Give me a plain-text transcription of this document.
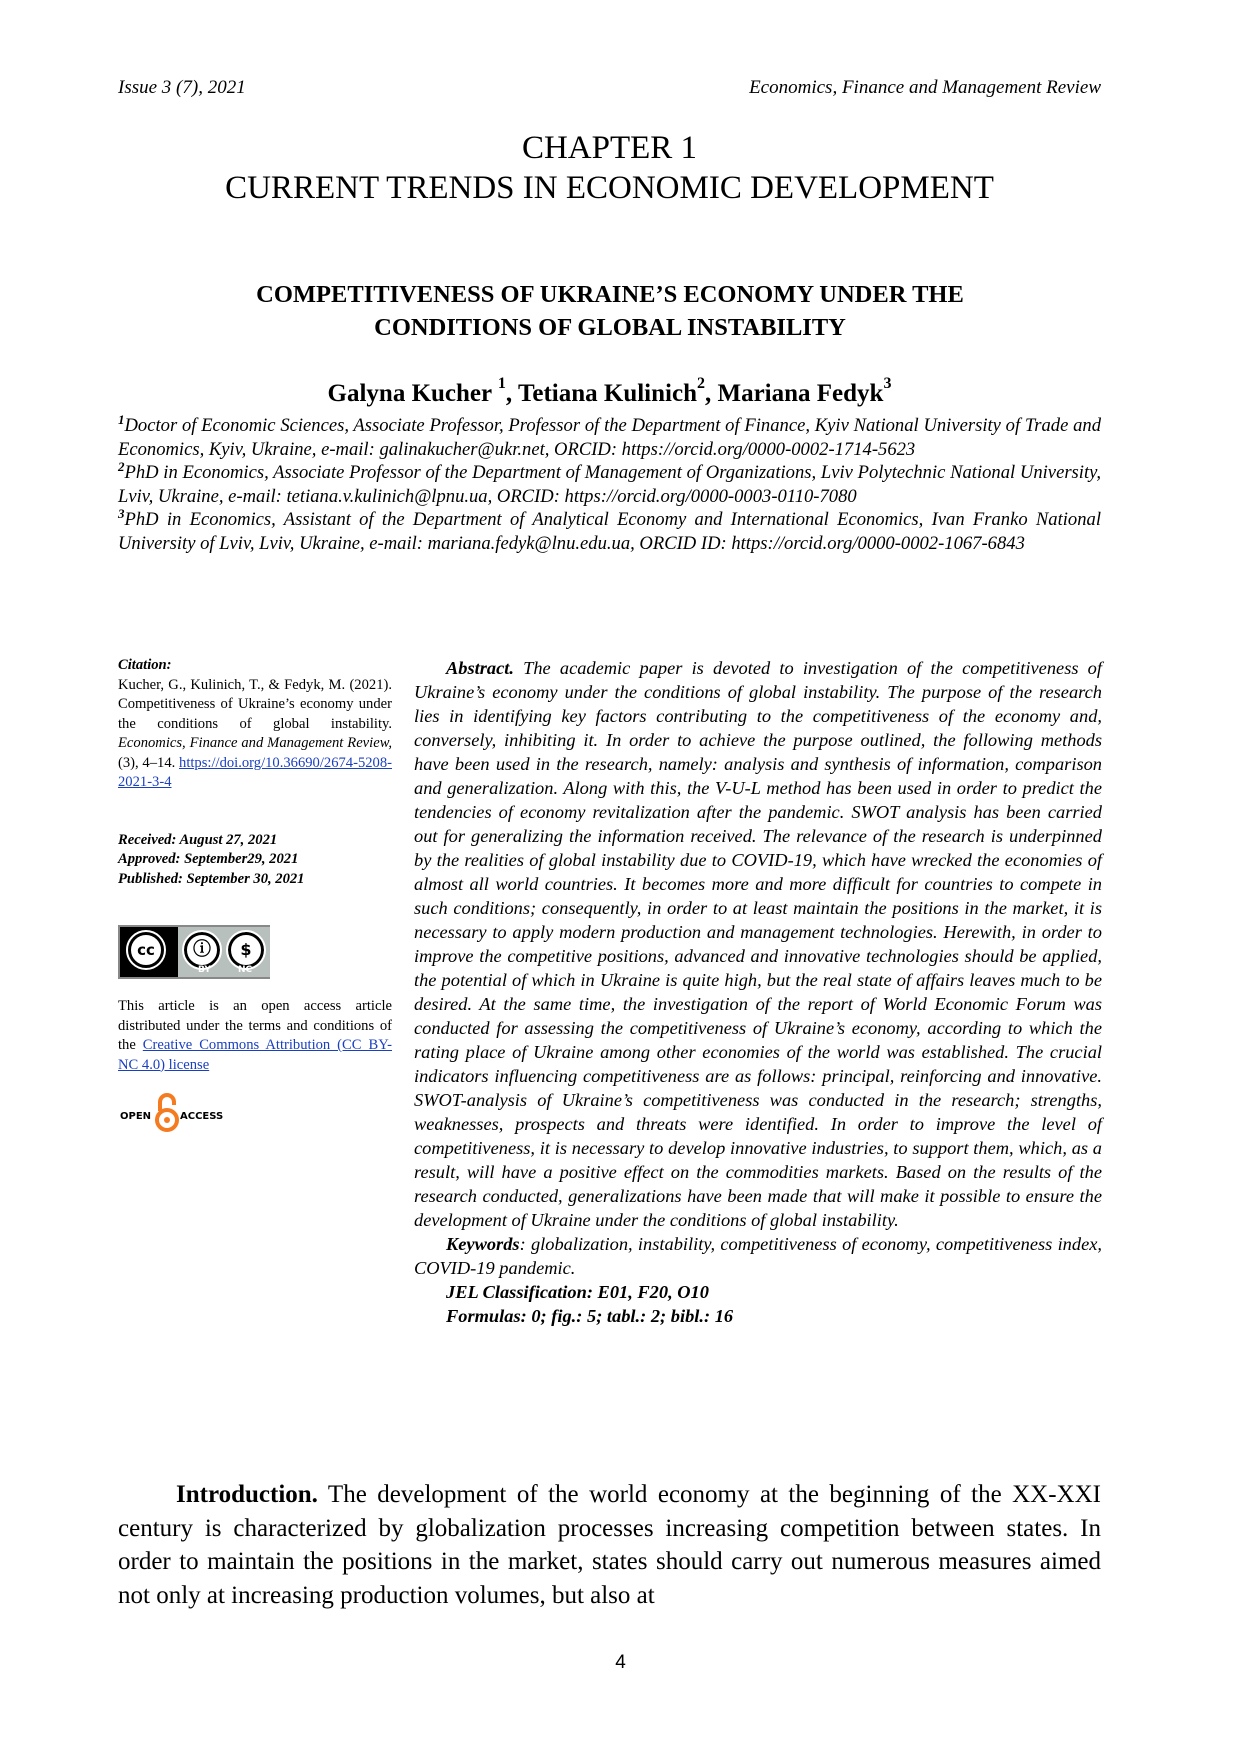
Issue 3 (7), 2021	Economics, Finance and Management Review
CHAPTER 1
CURRENT TRENDS IN ECONOMIC DEVELOPMENT
COMPETITIVENESS OF UKRAINE’S ECONOMY UNDER THE
CONDITIONS OF GLOBAL INSTABILITY
Galyna Kucher $^1$, Tetiana Kulinich$^2$, Mariana Fedyk$^3$

$^1$Doctor of Economic Sciences, Associate Professor, Professor of the Department of Finance, Kyiv National University of Trade and Economics, Kyiv, Ukraine, e-mail: galinakucher@ukr.net, ORCID: https://orcid.org/0000-0002-1714-5623

$^2$PhD in Economics, Associate Professor of the Department of Management of Organizations, Lviv Polytechnic National University, Lviv, Ukraine, e-mail: tetiana.v.kulinich@lpnu.ua, ORCID: https://orcid.org/0000-0003-0110-7080

$^3$PhD in Economics, Assistant of the Department of Analytical Economy and International Economics, Ivan Franko National University of Lviv, Lviv, Ukraine, e-mail: mariana.fedyk@lnu.edu.ua, ORCID ID: https://orcid.org/0000-0002-1067-6843

Citation:
Kucher, G., Kulinich, T., & Fedyk, M. (2021). Competitiveness of Ukraine’s economy under the conditions of global instability. Economics, Finance and Management Review, (3), 4–14. https://doi.org/10.36690/2674-5208-2021-3-4
Received: August 27, 2021
Approved: September29, 2021
Published: September 30, 2021
cc	ⓘ	$
BY	NC
This article is an open access article distributed under the terms and conditions of the Creative Commons Attribution (CC BY-NC 4.0) license
OPEN	ACCESS

Abstract. The academic paper is devoted to investigation of the competitiveness of Ukraine’s economy under the conditions of global instability. The purpose of the research lies in identifying key factors contributing to the competitiveness of the economy and, conversely, inhibiting it. In order to achieve the purpose outlined, the following methods have been used in the research, namely: analysis and synthesis of information, comparison and generalization. Along with this, the V-U-L method has been used in order to predict the tendencies of economy revitalization after the pandemic. SWOT analysis has been carried out for generalizing the information received. The relevance of the research is underpinned by the realities of global instability due to COVID-19, which have wrecked the economies of almost all world countries. It becomes more and more difficult for countries to compete in such conditions; consequently, in order to at least maintain the positions in the market, it is necessary to apply modern production and management technologies. Herewith, in order to improve the competitive positions, advanced and innovative technologies should be applied, the potential of which in Ukraine is quite high, but the real state of affairs leaves much to be desired. At the same time, the investigation of the report of World Economic Forum was conducted for assessing the competitiveness of Ukraine’s economy, according to which the rating place of Ukraine among other economies of the world was established. The crucial indicators influencing competitiveness are as follows: principal, reinforcing and innovative. SWOT-analysis of Ukraine’s competitiveness was conducted in the research; strengths, weaknesses, prospects and threats were identified. In order to improve the level of competitiveness, it is necessary to develop innovative industries, to support them, which, as a result, will have a positive effect on the commodities markets. Based on the results of the research conducted, generalizations have been made that will make it possible to ensure the development of Ukraine under the conditions of global instability.

Keywords: globalization, instability, competitiveness of economy, competitiveness index, COVID-19 pandemic.

JEL Classification: E01, F20, O10

Formulas: 0; fig.: 5; tabl.: 2; bibl.: 16

Introduction. The development of the world economy at the beginning of the XX-XXI century is characterized by globalization processes increasing competition between states. In order to maintain the positions in the market, states should carry out numerous measures aimed not only at increasing production volumes, but also at
4
